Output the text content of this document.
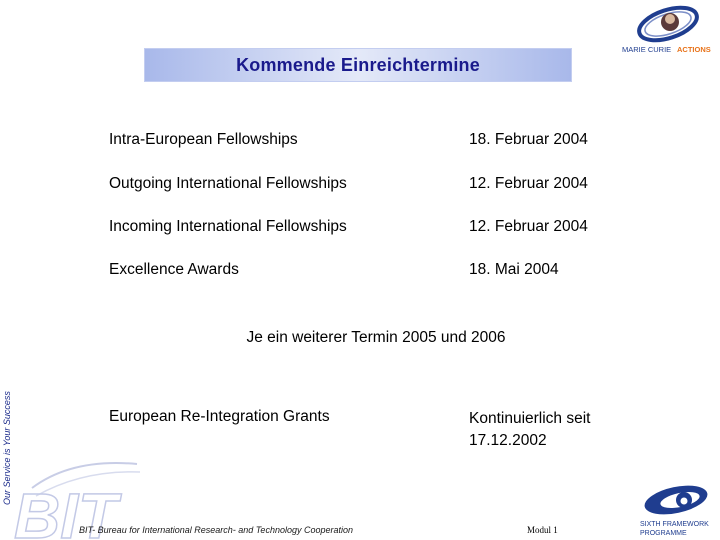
MARIE CURIE ACTIONS
Kommende Einreichtermine
Intra-European Fellowships	18. Februar 2004
Outgoing International Fellowships	12. Februar 2004
Incoming International Fellowships	12. Februar 2004
Excellence Awards	18. Mai 2004
Je ein weiterer Termin 2005 und 2006
European Re-Integration Grants	Kontinuierlich seit
17.12.2002
Our Service is Your Success
BIT
BIT- Bureau for International Research- and Technology Cooperation	Modul 1
SIXTH FRAMEWORK
PROGRAMME
